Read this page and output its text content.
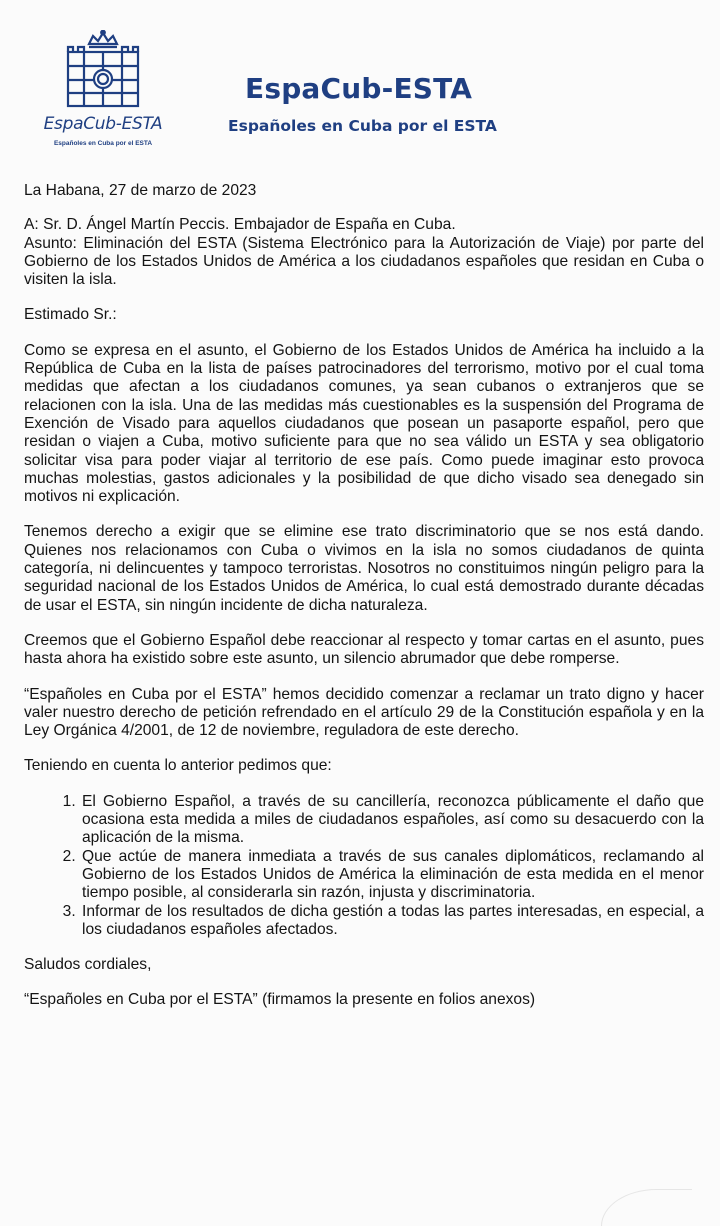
EspaCub-ESTA
Españoles en Cuba por el ESTA
EspaCub-ESTA
Españoles en Cuba por el ESTA

La Habana, 27 de marzo de 2023

A: Sr. D. Ángel Martín Peccis. Embajador de España en Cuba.

Asunto: Eliminación del ESTA (Sistema Electrónico para la Autorización de Viaje) por parte del Gobierno de los Estados Unidos de América a los ciudadanos españoles que residan en Cuba o visiten la isla.

Estimado Sr.:

Como se expresa en el asunto, el Gobierno de los Estados Unidos de América ha incluido a la República de Cuba en la lista de países patrocinadores del terrorismo, motivo por el cual toma medidas que afectan a los ciudadanos comunes, ya sean cubanos o extranjeros que se relacionen con la isla. Una de las medidas más cuestionables es la suspensión del Programa de Exención de Visado para aquellos ciudadanos que posean un pasaporte español, pero que residan o viajen a Cuba, motivo suficiente para que no sea válido un ESTA y sea obligatorio solicitar visa para poder viajar al territorio de ese país. Como puede imaginar esto provoca muchas molestias, gastos adicionales y la posibilidad de que dicho visado sea denegado sin motivos ni explicación.

Tenemos derecho a exigir que se elimine ese trato discriminatorio que se nos está dando. Quienes nos relacionamos con Cuba o vivimos en la isla no somos ciudadanos de quinta categoría, ni delincuentes y tampoco terroristas. Nosotros no constituimos ningún peligro para la seguridad nacional de los Estados Unidos de América, lo cual está demostrado durante décadas de usar el ESTA, sin ningún incidente de dicha naturaleza.

Creemos que el Gobierno Español debe reaccionar al respecto y tomar cartas en el asunto, pues hasta ahora ha existido sobre este asunto, un silencio abrumador que debe romperse.

“Españoles en Cuba por el ESTA” hemos decidido comenzar a reclamar un trato digno y hacer valer nuestro derecho de petición refrendado en el artículo 29 de la Constitución española y en la Ley Orgánica 4/2001, de 12 de noviembre, reguladora de este derecho.

Teniendo en cuenta lo anterior pedimos que:

1. El Gobierno Español, a través de su cancillería, reconozca públicamente el daño que ocasiona esta medida a miles de ciudadanos españoles, así como su desacuerdo con la aplicación de la misma.
2. Que actúe de manera inmediata a través de sus canales diplomáticos, reclamando al Gobierno de los Estados Unidos de América la eliminación de esta medida en el menor tiempo posible, al considerarla sin razón, injusta y discriminatoria.
3. Informar de los resultados de dicha gestión a todas las partes interesadas, en especial, a los ciudadanos españoles afectados.

Saludos cordiales,

“Españoles en Cuba por el ESTA” (firmamos la presente en folios anexos)
